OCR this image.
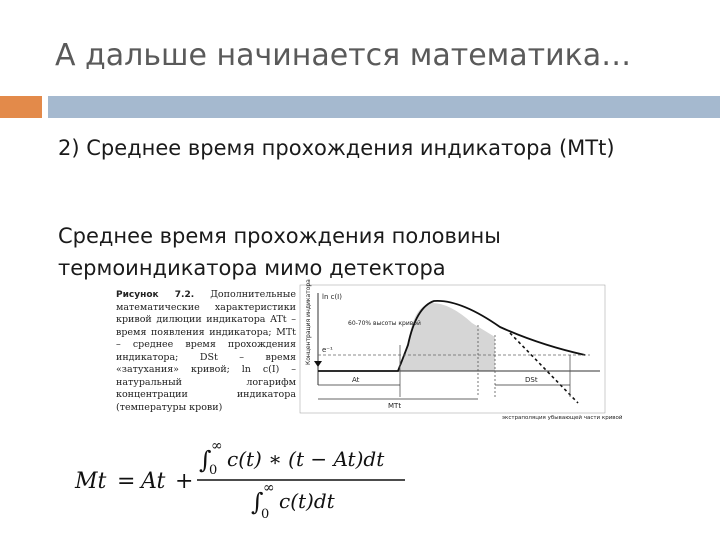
А дальше начинается математика…
2) Среднее время прохождения индикатора (MTt)
Среднее время прохождения половины
термоиндикатора мимо детектора
Рисунок 7.2. Дополнительные математические характеристики кривой дилюции индикатора ATt – время появления индикатора; MTt – среднее время прохождения индикатора; DSt – время «затухания» кривой; ln c(I) – натуральный логарифм концентрации индикатора (температуры крови)
Концентрация индикатора ln c(I)
60-70% высоты кривой
e⁻¹
At
MTt
DSt
экстраполяция убывающей части кривой
Mt = At +
∫ ∞
0 c(t) ∗ (t − At)dt
∫ ∞
0
c(t)dt
